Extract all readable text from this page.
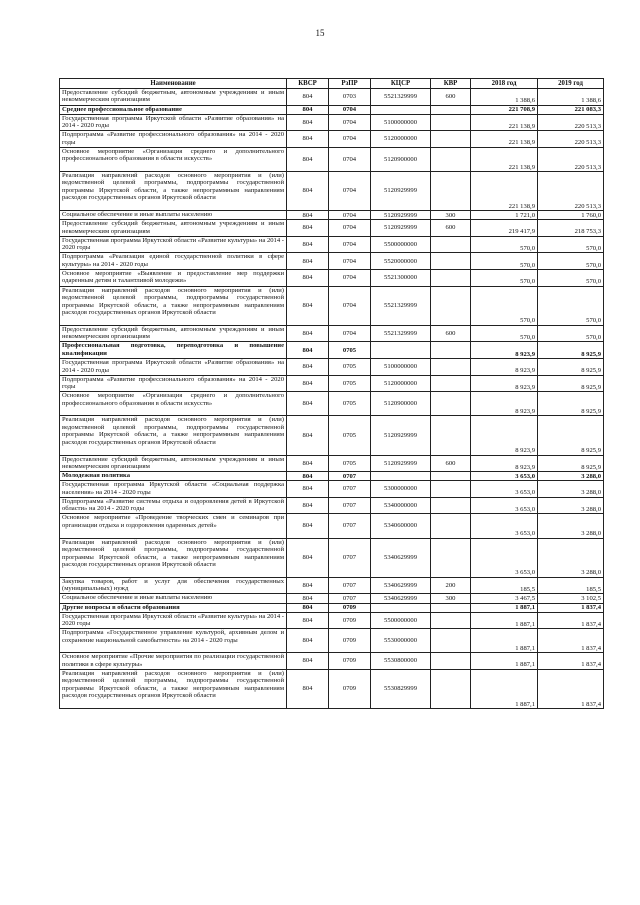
15
Наименование	КВСР	РзПР	КЦСР	КВР	2018 год	2019 год
Предоставление субсидий бюджетным, автономным учреждениям и иным некоммерческим организациям	804	0703	5521329999	600	1 388,6	1 388,6
Среднее профессиональное образование	804	0704			221 708,9	221 083,3
Государственная программа Иркутской области «Развитие образования» на 2014 - 2020 годы	804	0704	5100000000		221 138,9	220 513,3
Подпрограмма «Развитие профессионального образования» на 2014 - 2020 годы	804	0704	5120000000		221 138,9	220 513,3
Основное мероприятие «Организация среднего и дополнительного профессионального образования в области искусств»	804	0704	5120900000		221 138,9	220 513,3
Реализация направлений расходов основного мероприятия и (или) ведомственной целевой программы, подпрограммы государственной программы Иркутской области, а также непрограммным направлениям расходов государственных органов Иркутской области	804	0704	5120929999		221 138,9	220 513,3
Социальное обеспечение и иные выплаты населению	804	0704	5120929999	300	1 721,0	1 760,0
Предоставление субсидий бюджетным, автономным учреждениям и иным некоммерческим организациям	804	0704	5120929999	600	219 417,9	218 753,3
Государственная программа Иркутской области «Развитие культуры» на 2014 - 2020 годы	804	0704	5500000000		570,0	570,0
Подпрограмма «Реализация единой государственной политики в сфере культуры» на 2014 - 2020 годы	804	0704	5520000000		570,0	570,0
Основное мероприятие «Выявление и предоставление мер поддержки одаренным детям и талантливой молодежи»	804	0704	5521300000		570,0	570,0
Реализация направлений расходов основного мероприятия и (или) ведомственной целевой программы, подпрограммы государственной программы Иркутской области, а также непрограммным направлениям расходов государственных органов Иркутской области	804	0704	5521329999		570,0	570,0
Предоставление субсидий бюджетным, автономным учреждениям и иным некоммерческим организациям	804	0704	5521329999	600	570,0	570,0
Профессиональная подготовка, переподготовка и повышение квалификации	804	0705			8 923,9	8 925,9
Государственная программа Иркутской области «Развитие образования» на 2014 - 2020 годы	804	0705	5100000000		8 923,9	8 925,9
Подпрограмма «Развитие профессионального образования» на 2014 - 2020 годы	804	0705	5120000000		8 923,9	8 925,9
Основное мероприятие «Организация среднего и дополнительного профессионального образования в области искусств»	804	0705	5120900000		8 923,9	8 925,9
Реализация направлений расходов основного мероприятия и (или) ведомственной целевой программы, подпрограммы государственной программы Иркутской области, а также непрограммным направлениям расходов государственных органов Иркутской области	804	0705	5120929999		8 923,9	8 925,9
Предоставление субсидий бюджетным, автономным учреждениям и иным некоммерческим организациям	804	0705	5120929999	600	8 923,9	8 925,9
Молодежная политика	804	0707			3 653,0	3 288,0
Государственная программа Иркутской области «Социальная поддержка населения» на 2014 - 2020 годы	804	0707	5300000000		3 653,0	3 288,0
Подпрограмма «Развитие системы отдыха и оздоровления детей в Иркутской области» на 2014 - 2020 годы	804	0707	5340000000		3 653,0	3 288,0
Основное мероприятие «Проведение творческих смен и семинаров при организации отдыха и оздоровления одаренных детей»	804	0707	5340600000		3 653,0	3 288,0
Реализация направлений расходов основного мероприятия и (или) ведомственной целевой программы, подпрограммы государственной программы Иркутской области, а также непрограммным направлениям расходов государственных органов Иркутской области	804	0707	5340629999		3 653,0	3 288,0
Закупка товаров, работ и услуг для обеспечения государственных (муниципальных) нужд	804	0707	5340629999	200	185,5	185,5
Социальное обеспечение и иные выплаты населению	804	0707	5340629999	300	3 467,5	3 102,5
Другие вопросы в области образования	804	0709			1 887,1	1 837,4
Государственная программа Иркутской области «Развитие культуры» на 2014 - 2020 годы	804	0709	5500000000		1 887,1	1 837,4
Подпрограмма «Государственное управление культурой, архивным делом и сохранение национальной самобытности» на 2014 - 2020 годы	804	0709	5530000000		1 887,1	1 837,4
Основное мероприятие «Прочие мероприятия по реализации государственной политики в сфере культуры»	804	0709	5530800000		1 887,1	1 837,4
Реализация направлений расходов основного мероприятия и (или) ведомственной целевой программы, подпрограммы государственной программы Иркутской области, а также непрограммным направлениям расходов государственных органов Иркутской области	804	0709	5530829999		1 887,1	1 837,4
